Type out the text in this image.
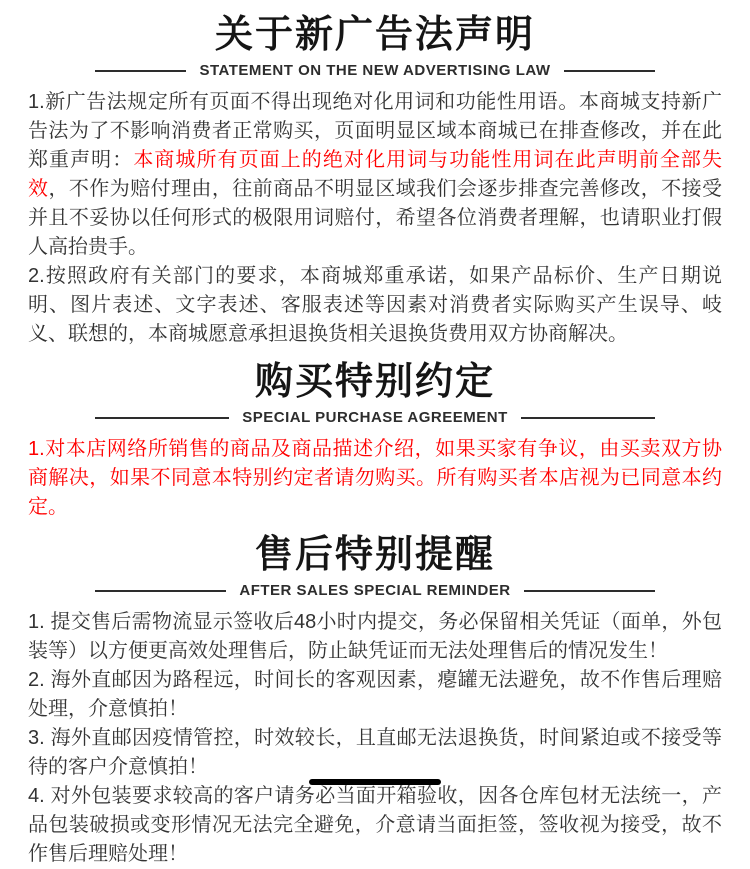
关于新广告法声明
STATEMENT ON THE NEW ADVERTISING LAW

1.新广告法规定所有页面不得出现绝对化用词和功能性用语。本商城支持新广告法为了不影响消费者正常购买，页面明显区域本商城已在排查修改，并在此郑重声明：本商城所有页面上的绝对化用词与功能性用词在此声明前全部失效，不作为赔付理由，往前商品不明显区域我们会逐步排查完善修改，不接受并且不妥协以任何形式的极限用词赔付，希望各位消费者理解，也请职业打假人高抬贵手。

2.按照政府有关部门的要求，本商城郑重承诺，如果产品标价、生产日期说明、图片表述、文字表述、客服表述等因素对消费者实际购买产生误导、岐义、联想的，本商城愿意承担退换货相关退换货费用双方协商解决。

购买特别约定
SPECIAL PURCHASE AGREEMENT

1.对本店网络所销售的商品及商品描述介绍，如果买家有争议，由买卖双方协商解决，如果不同意本特别约定者请勿购买。所有购买者本店视为已同意本约定。

售后特别提醒
AFTER SALES SPECIAL REMINDER

1. 提交售后需物流显示签收后48小时内提交，务必保留相关凭证（面单，外包装等）以方便更高效处理售后，防止缺凭证而无法处理售后的情况发生！

2. 海外直邮因为路程远，时间长的客观因素，瘪罐无法避免，故不作售后理赔处理，介意慎拍！

3. 海外直邮因疫情管控，时效较长，且直邮无法退换货，时间紧迫或不接受等待的客户介意慎拍！

4. 对外包装要求较高的客户请务必当面开箱验收，因各仓库包材无法统一，产品包装破损或变形情况无法完全避免，介意请当面拒签，签收视为接受，故不作售后理赔处理！
